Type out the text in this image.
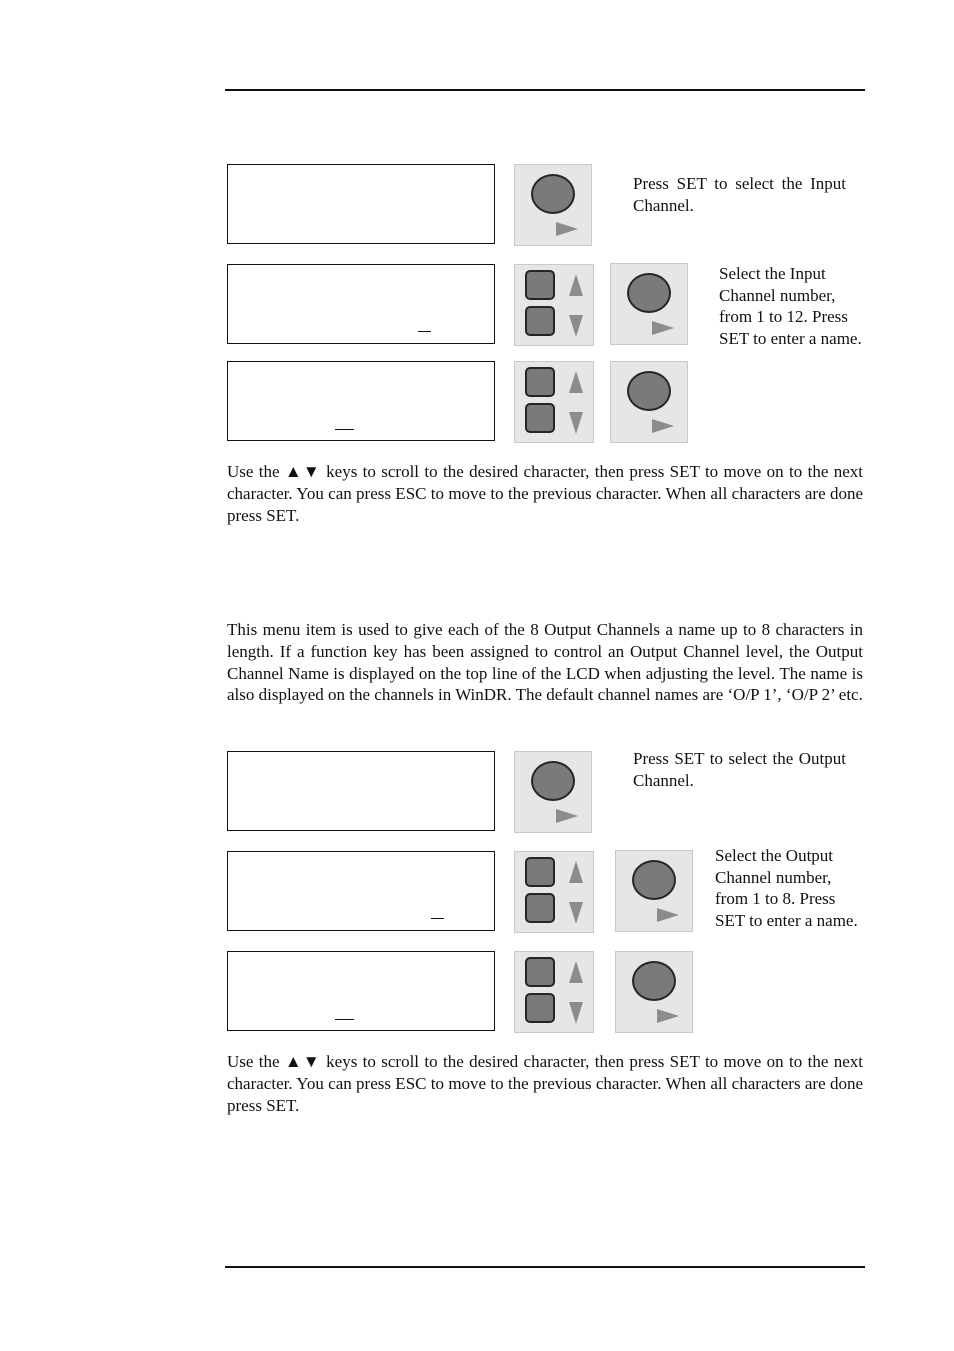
Press SET to select the Input Channel.

Select the Input Channel number, from 1 to 12. Press SET to enter a name.

Use the ▲▼ keys to scroll to the desired character, then press SET to move on to the next character. You can press ESC to move to the previous character. When all characters are done press SET.

This menu item is used to give each of the 8 Output Channels a name up to 8 characters in length. If a function key has been assigned to control an Output Channel level, the Output Channel Name is displayed on the top line of the LCD when adjusting the level. The name is also displayed on the channels in WinDR. The default channel names are ‘O/P 1’, ‘O/P 2’ etc.

Press SET to select the Output Channel.

Select the Output Channel number, from 1 to 8. Press SET to enter a name.

Use the ▲▼ keys to scroll to the desired character, then press SET to move on to the next character. You can press ESC to move to the previous character. When all characters are done press SET.
